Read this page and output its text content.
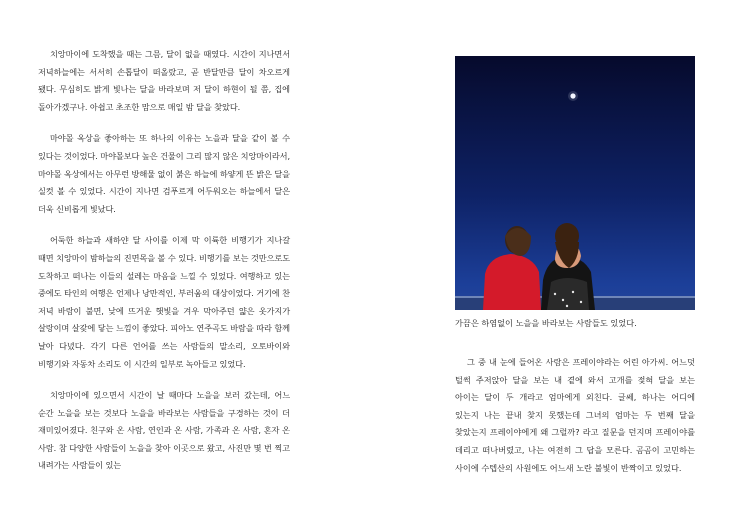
치앙마이에 도착했을 때는 그믐, 달이 없을 때였다. 시간이 지나면서 저녁하늘에는 서서히 손톱달이 떠올랐고, 곧 반달만큼 달이 차오르게 됐다. 무심히도 밝게 빛나는 달을 바라보며 저 달이 하현이 될 쯤, 집에 돌아가겠구나. 아쉽고 초조한 맘으로 매일 밤 달을 찾았다.

마야몰 옥상을 좋아하는 또 하나의 이유는 노을과 달을 같이 볼 수 있다는 것이었다. 마야몰보다 높은 건물이 그리 많지 않은 치앙마이라서, 마야몰 옥상에서는 아무런 방해물 없이 붉은 하늘에 하얗게 뜬 밝은 달을 실컷 볼 수 있었다. 시간이 지나면 검푸르게 어두워오는 하늘에서 달은 더욱 신비롭게 빛났다.

어둑한 하늘과 새하얀 달 사이를 이제 막 이륙한 비행기가 지나갈 때면 치앙마이 밤하늘의 진면목을 볼 수 있다. 비행기를 보는 것만으로도 도착하고 떠나는 이들의 설레는 마음을 느낄 수 있었다. 여행하고 있는 중에도 타인의 여행은 언제나 낭만적인, 부러움의 대상이었다. 거기에 찬 저녁 바람이 불면, 낮에 뜨거운 햇빛을 겨우 막아주던 얇은 옷가지가 살랑이며 살갗에 닿는 느낌이 좋았다. 피아노 연주곡도 바람을 따라 함께 날아 다녔다. 각기 다른 언어를 쓰는 사람들의 말소리, 오토바이와 비행기와 자동차 소리도 이 시간의 일부로 녹아들고 있었다.

치앙마이에 있으면서 시간이 날 때마다 노을을 보러 갔는데, 어느 순간 노을을 보는 것보다 노을을 바라보는 사람들을 구경하는 것이 더 재미있어졌다. 친구와 온 사람, 연인과 온 사람, 가족과 온 사람, 혼자 온 사람. 참 다양한 사람들이 노을을 찾아 이곳으로 왔고, 사진만 몇 번 찍고 내려가는 사람들이 있는

가끔은 하염없이 노을을 바라보는 사람들도 있었다.

그 중 내 눈에 들어온 사람은 프레이야라는 어린 아가씨. 어느덧 털썩 주저앉아 달을 보는 내 곁에 와서 고개를 젖혀 달을 보는 아이는 달이 두 개라고 엄마에게 외친다. 글쎄, 하나는 어디에 있는지 나는 끝내 찾지 못했는데 그녀의 엄마는 두 번째 달을 찾았는지 프레이야에게 왜 그럴까? 라고 질문을 던지며 프레이야를 데리고 떠나버렸고, 나는 여전히 그 답을 모른다. 곰곰이 고민하는 사이에 수텝산의 사원에도 어느새 노란 불빛이 반짝이고 있었다.
